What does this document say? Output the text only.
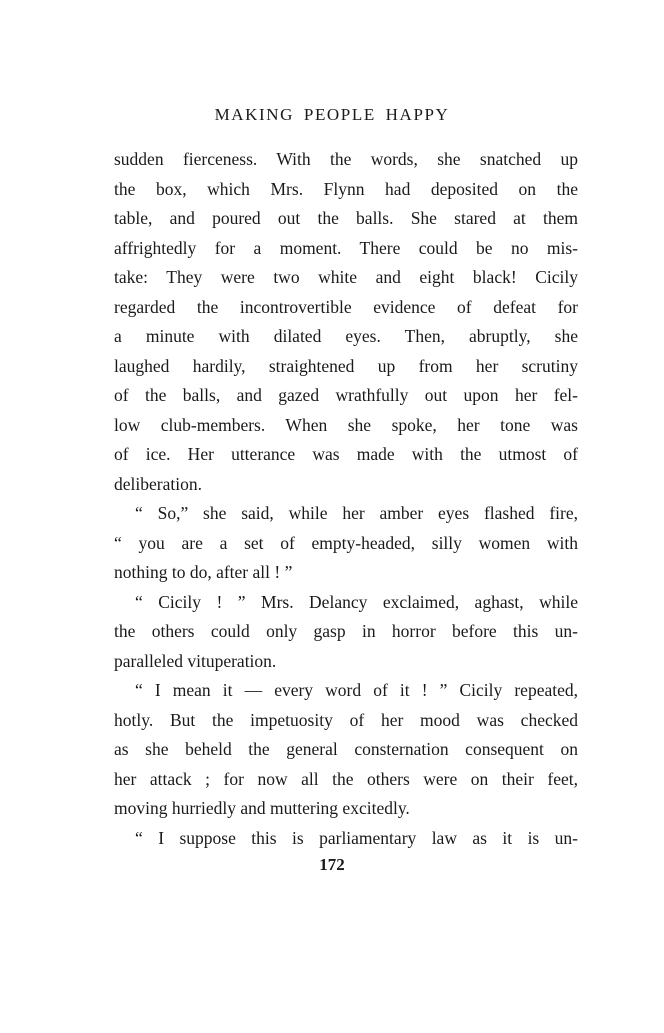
MAKING PEOPLE HAPPY
sudden fierceness. With the words, she snatched up
the box, which Mrs. Flynn had deposited on the
table, and poured out the balls. She stared at them
affrightedly for a moment. There could be no mis-
take: They were two white and eight black! Cicily
regarded the incontrovertible evidence of defeat for
a minute with dilated eyes. Then, abruptly, she
laughed hardily, straightened up from her scrutiny
of the balls, and gazed wrathfully out upon her fel-
low club-members. When she spoke, her tone was
of ice. Her utterance was made with the utmost of
deliberation.
“ So,” she said, while her amber eyes flashed fire,
“ you are a set of empty-headed, silly women with
nothing to do, after all ! ”
“ Cicily ! ” Mrs. Delancy exclaimed, aghast, while
the others could only gasp in horror before this un-
paralleled vituperation.
“ I mean it — every word of it ! ” Cicily repeated,
hotly. But the impetuosity of her mood was checked
as she beheld the general consternation consequent on
her attack ; for now all the others were on their feet,
moving hurriedly and muttering excitedly.
“ I suppose this is parliamentary law as it is un-
172
